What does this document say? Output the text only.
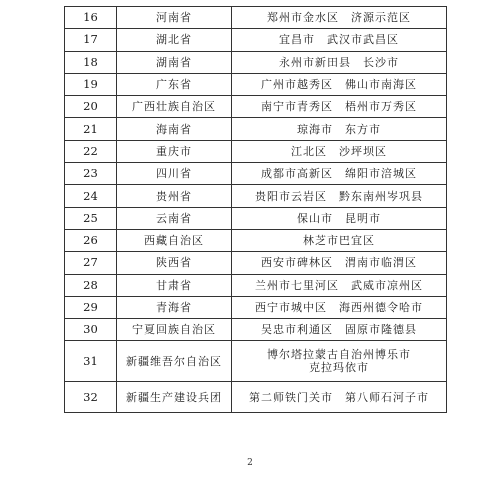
16	河南省	郑州市金水区　济源示范区
17	湖北省	宜昌市　武汉市武昌区
18	湖南省	永州市新田县　长沙市
19	广东省	广州市越秀区　佛山市南海区
20	广西壮族自治区	南宁市青秀区　梧州市万秀区
21	海南省	琼海市　东方市
22	重庆市	江北区　沙坪坝区
23	四川省	成都市高新区　绵阳市涪城区
24	贵州省	贵阳市云岩区　黔东南州岑巩县
25	云南省	保山市　昆明市
26	西藏自治区	林芝市巴宜区
27	陕西省	西安市碑林区　渭南市临渭区
28	甘肃省	兰州市七里河区　武威市凉州区
29	青海省	西宁市城中区　海西州德令哈市
30	宁夏回族自治区	吴忠市利通区　固原市隆德县
31	新疆维吾尔自治区	博尔塔拉蒙古自治州博乐市
克拉玛依市

32	新疆生产建设兵团	第二师铁门关市　第八师石河子市
2
